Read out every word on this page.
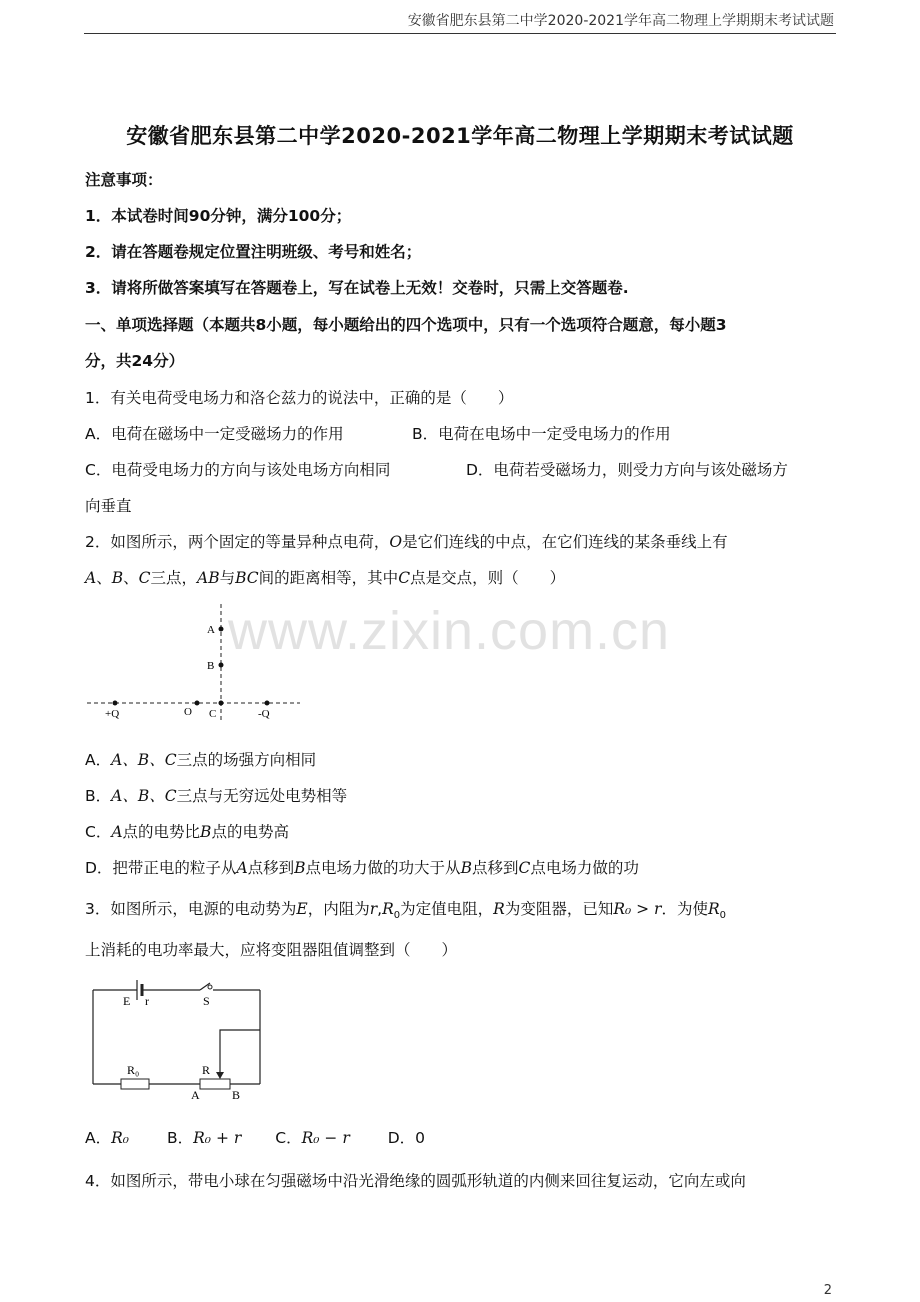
安徽省肥东县第二中学2020-2021学年高二物理上学期期末考试试题
安徽省肥东县第二中学2020-2021学年高二物理上学期期末考试试题
注意事项：
1．本试卷时间90分钟，满分100分；
2．请在答题卷规定位置注明班级、考号和姓名；
3．请将所做答案填写在答题卷上，写在试卷上无效！交卷时，只需上交答题卷.
一、单项选择题（本题共8小题，每小题给出的四个选项中，只有一个选项符合题意，每小题3
分，共24分）
1．有关电荷受电场力和洛仑兹力的说法中，正确的是（　　）
A．电荷在磁场中一定受磁场力的作用	B．电荷在电场中一定受电场力的作用
C．电荷受电场力的方向与该处电场方向相同	D．电荷若受磁场力，则受力方向与该处磁场方
向垂直
2．如图所示，两个固定的等量异种点电荷，O是它们连线的中点，在它们连线的某条垂线上有
A、B、C三点，AB与BC间的距离相等，其中C点是交点，则（　　）
A
B
O C
+Q	-Q
A．A、B、C三点的场强方向相同
B．A、B、C三点与无穷远处电势相等
C．A点的电势比B点的电势高
D．把带正电的粒子从A点移到B点电场力做的功大于从B点移到C点电场力做的功
3．如图所示，电源的电动势为E，内阻为$r,R_0$为定值电阻，R为变阻器，已知R₀ > r．为使$R_0$
上消耗的电功率最大，应将变阻器阻值调整到（　　）
E r	S
R₀	R
A	B
A．R₀ B．R₀ + r C．R₀ − r D．0
4．如图所示，带电小球在匀强磁场中沿光滑绝缘的圆弧形轨道的内侧来回往复运动，它向左或向
www.zixin.com.cn
2
